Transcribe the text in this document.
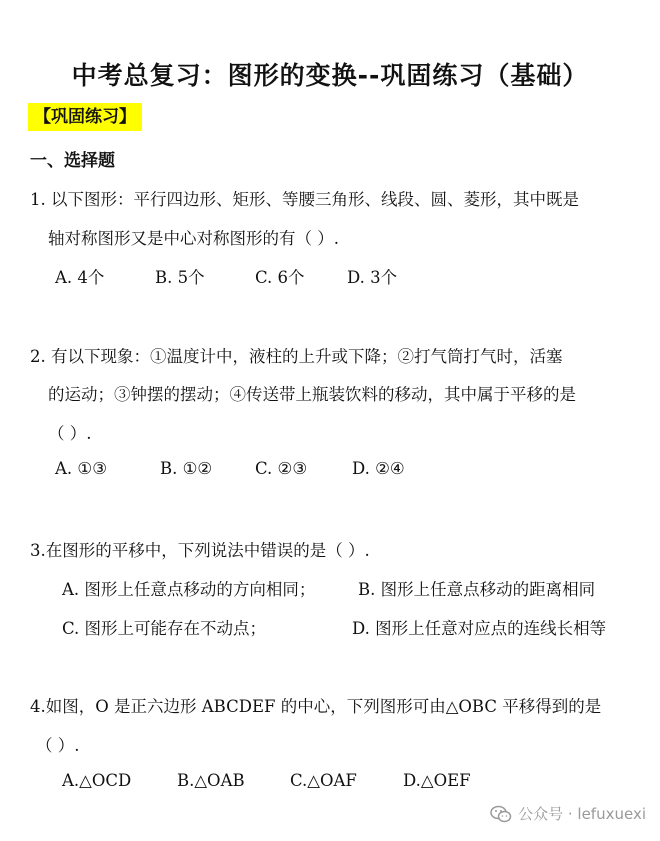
中考总复习：图形的变换--巩固练习（基础）
【巩固练习】
一、选择题
1. 以下图形：平行四边形、矩形、等腰三角形、线段、圆、菱形，其中既是
轴对称图形又是中心对称图形的有（ ）.
A. 4个	B. 5个	C. 6个	D. 3个
2. 有以下现象：①温度计中，液柱的上升或下降；②打气筒打气时，活塞
的运动；③钟摆的摆动；④传送带上瓶装饮料的移动，其中属于平移的是
（ ）.
A. ①③	B. ①②	C. ②③	D. ②④
3.在图形的平移中，下列说法中错误的是（ ）.
A. 图形上任意点移动的方向相同；	B. 图形上任意点移动的距离相同
C. 图形上可能存在不动点；	D. 图形上任意对应点的连线长相等
4.如图，O 是正六边形 ABCDEF 的中心，下列图形可由△OBC 平移得到的是
（ ）.
A.△OCD	B.△OAB	C.△OAF	D.△OEF
公众号 · lefuxuexi
